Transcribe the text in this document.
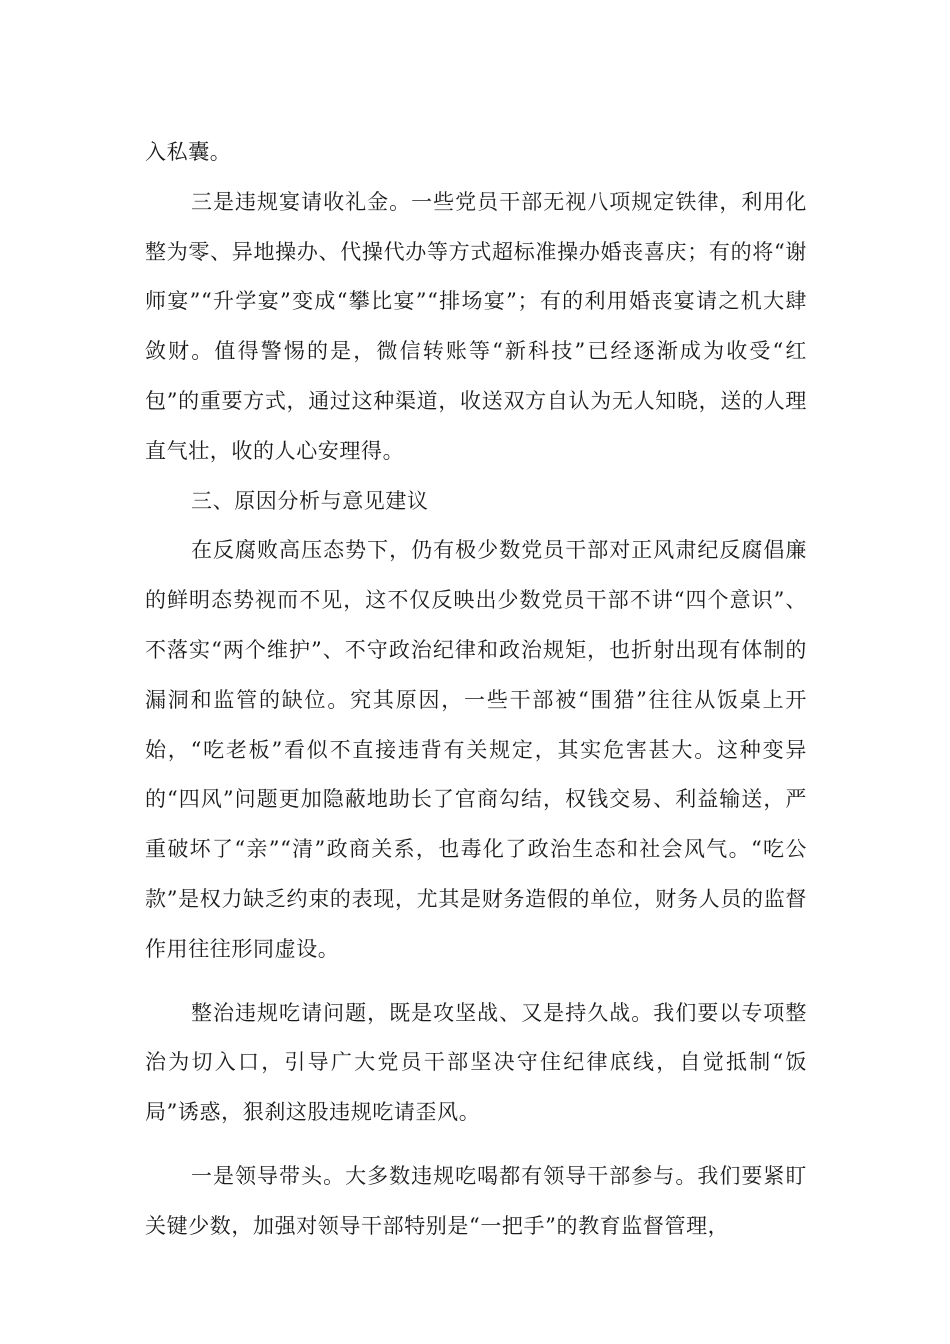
入私囊。

三是违规宴请收礼金。一些党员干部无视八项规定铁律，利用化整为零、异地操办、代操代办等方式超标准操办婚丧喜庆；有的将“谢师宴”“升学宴”变成“攀比宴”“排场宴”；有的利用婚丧宴请之机大肆敛财。值得警惕的是，微信转账等“新科技”已经逐渐成为收受“红包”的重要方式，通过这种渠道，收送双方自认为无人知晓，送的人理直气壮，收的人心安理得。

三、原因分析与意见建议

在反腐败高压态势下，仍有极少数党员干部对正风肃纪反腐倡廉的鲜明态势视而不见，这不仅反映出少数党员干部不讲“四个意识”、不落实“两个维护”、不守政治纪律和政治规矩，也折射出现有体制的漏洞和监管的缺位。究其原因，一些干部被“围猎”往往从饭桌上开始，“吃老板”看似不直接违背有关规定，其实危害甚大。这种变异的“四风”问题更加隐蔽地助长了官商勾结，权钱交易、利益输送，严重破坏了“亲”“清”政商关系，也毒化了政治生态和社会风气。“吃公款”是权力缺乏约束的表现，尤其是财务造假的单位，财务人员的监督作用往往形同虚设。

整治违规吃请问题，既是攻坚战、又是持久战。我们要以专项整治为切入口，引导广大党员干部坚决守住纪律底线，自觉抵制“饭局”诱惑，狠刹这股违规吃请歪风。

一是领导带头。大多数违规吃喝都有领导干部参与。我们要紧盯关键少数，加强对领导干部特别是“一把手”的教育监督管理，
